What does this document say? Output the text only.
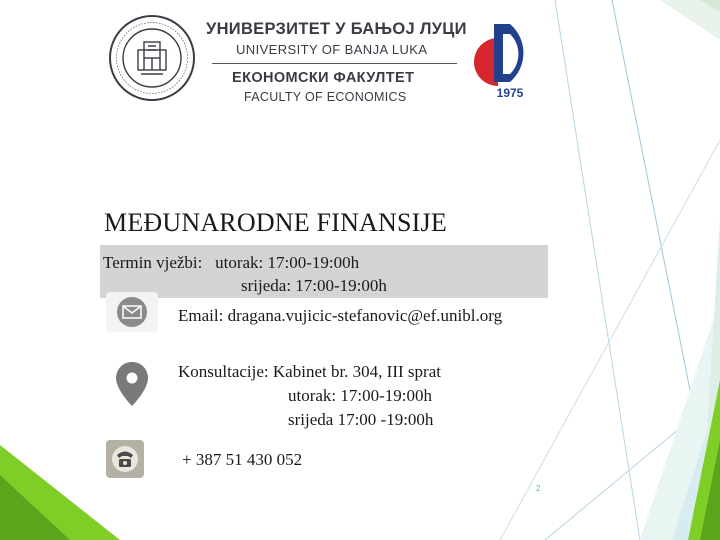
УНИВЕРЗИТЕТ У БАЊОЈ ЛУЦИ
UNIVERSITY OF BANJA LUKA
ЕКОНОМСКИ ФАКУЛТЕТ
FACULTY OF ECONOMICS	1975
MEĐUNARODNE FINANSIJE
Termin vježbi: utorak: 17:00-19:00h
srijeda: 17:00-19:00h
Email: dragana.vujicic-stefanovic@ef.unibl.org
Konsultacije: Kabinet br. 304, III sprat
utorak: 17:00-19:00h
srijeda 17:00 -19:00h
+ 387 51 430 052
2
